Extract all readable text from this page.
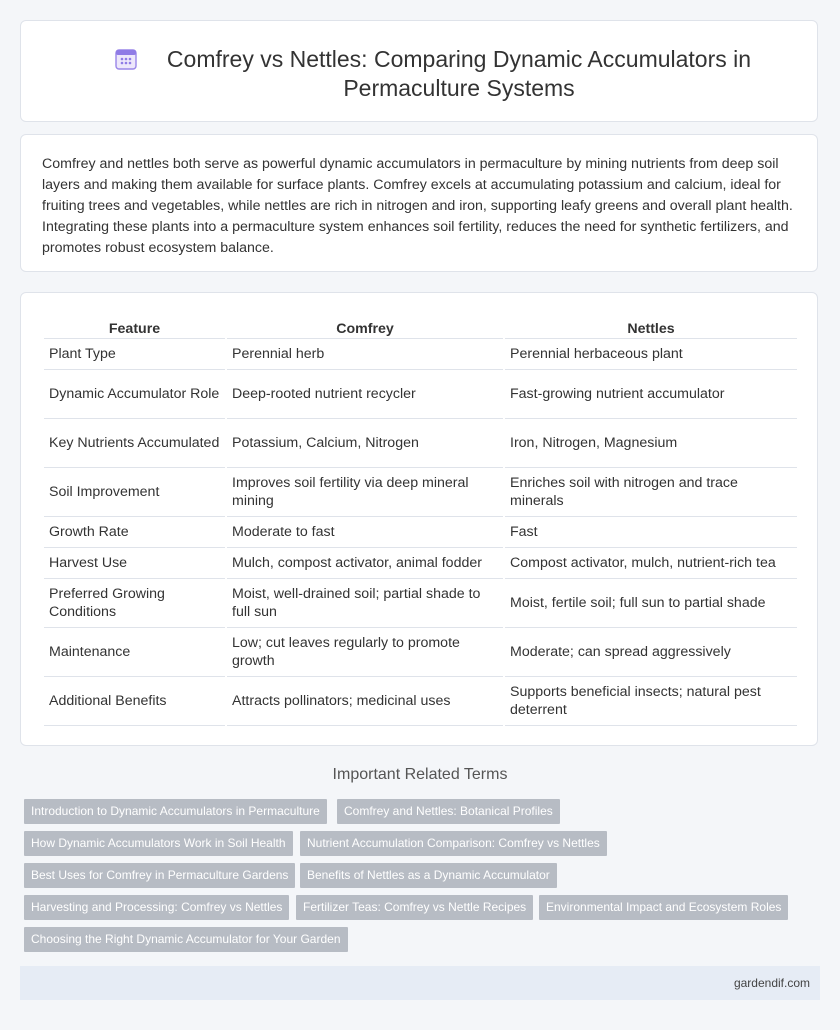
Comfrey vs Nettles: Comparing Dynamic Accumulators in Permaculture Systems

Comfrey and nettles both serve as powerful dynamic accumulators in permaculture by mining nutrients from deep soil layers and making them available for surface plants. Comfrey excels at accumulating potassium and calcium, ideal for fruiting trees and vegetables, while nettles are rich in nitrogen and iron, supporting leafy greens and overall plant health. Integrating these plants into a permaculture system enhances soil fertility, reduces the need for synthetic fertilizers, and promotes robust ecosystem balance.

Feature	Comfrey	Nettles
Plant Type	Perennial herb	Perennial herbaceous plant
Dynamic Accumulator Role	Deep-rooted nutrient recycler	Fast-growing nutrient accumulator
Key Nutrients Accumulated	Potassium, Calcium, Nitrogen	Iron, Nitrogen, Magnesium
Soil Improvement	Improves soil fertility via deep mineral mining	Enriches soil with nitrogen and trace minerals
Growth Rate	Moderate to fast	Fast
Harvest Use	Mulch, compost activator, animal fodder	Compost activator, mulch, nutrient-rich tea
Preferred Growing Conditions	Moist, well-drained soil; partial shade to full sun	Moist, fertile soil; full sun to partial shade
Maintenance	Low; cut leaves regularly to promote growth	Moderate; can spread aggressively
Additional Benefits	Attracts pollinators; medicinal uses	Supports beneficial insects; natural pest deterrent
Important Related Terms
Introduction to Dynamic Accumulators in Permaculture	Comfrey and Nettles: Botanical Profiles
How Dynamic Accumulators Work in Soil Health	Nutrient Accumulation Comparison: Comfrey vs Nettles
Best Uses for Comfrey in Permaculture Gardens	Benefits of Nettles as a Dynamic Accumulator
Harvesting and Processing: Comfrey vs Nettles	Fertilizer Teas: Comfrey vs Nettle Recipes	Environmental Impact and Ecosystem Roles
Choosing the Right Dynamic Accumulator for Your Garden
gardendif.com
